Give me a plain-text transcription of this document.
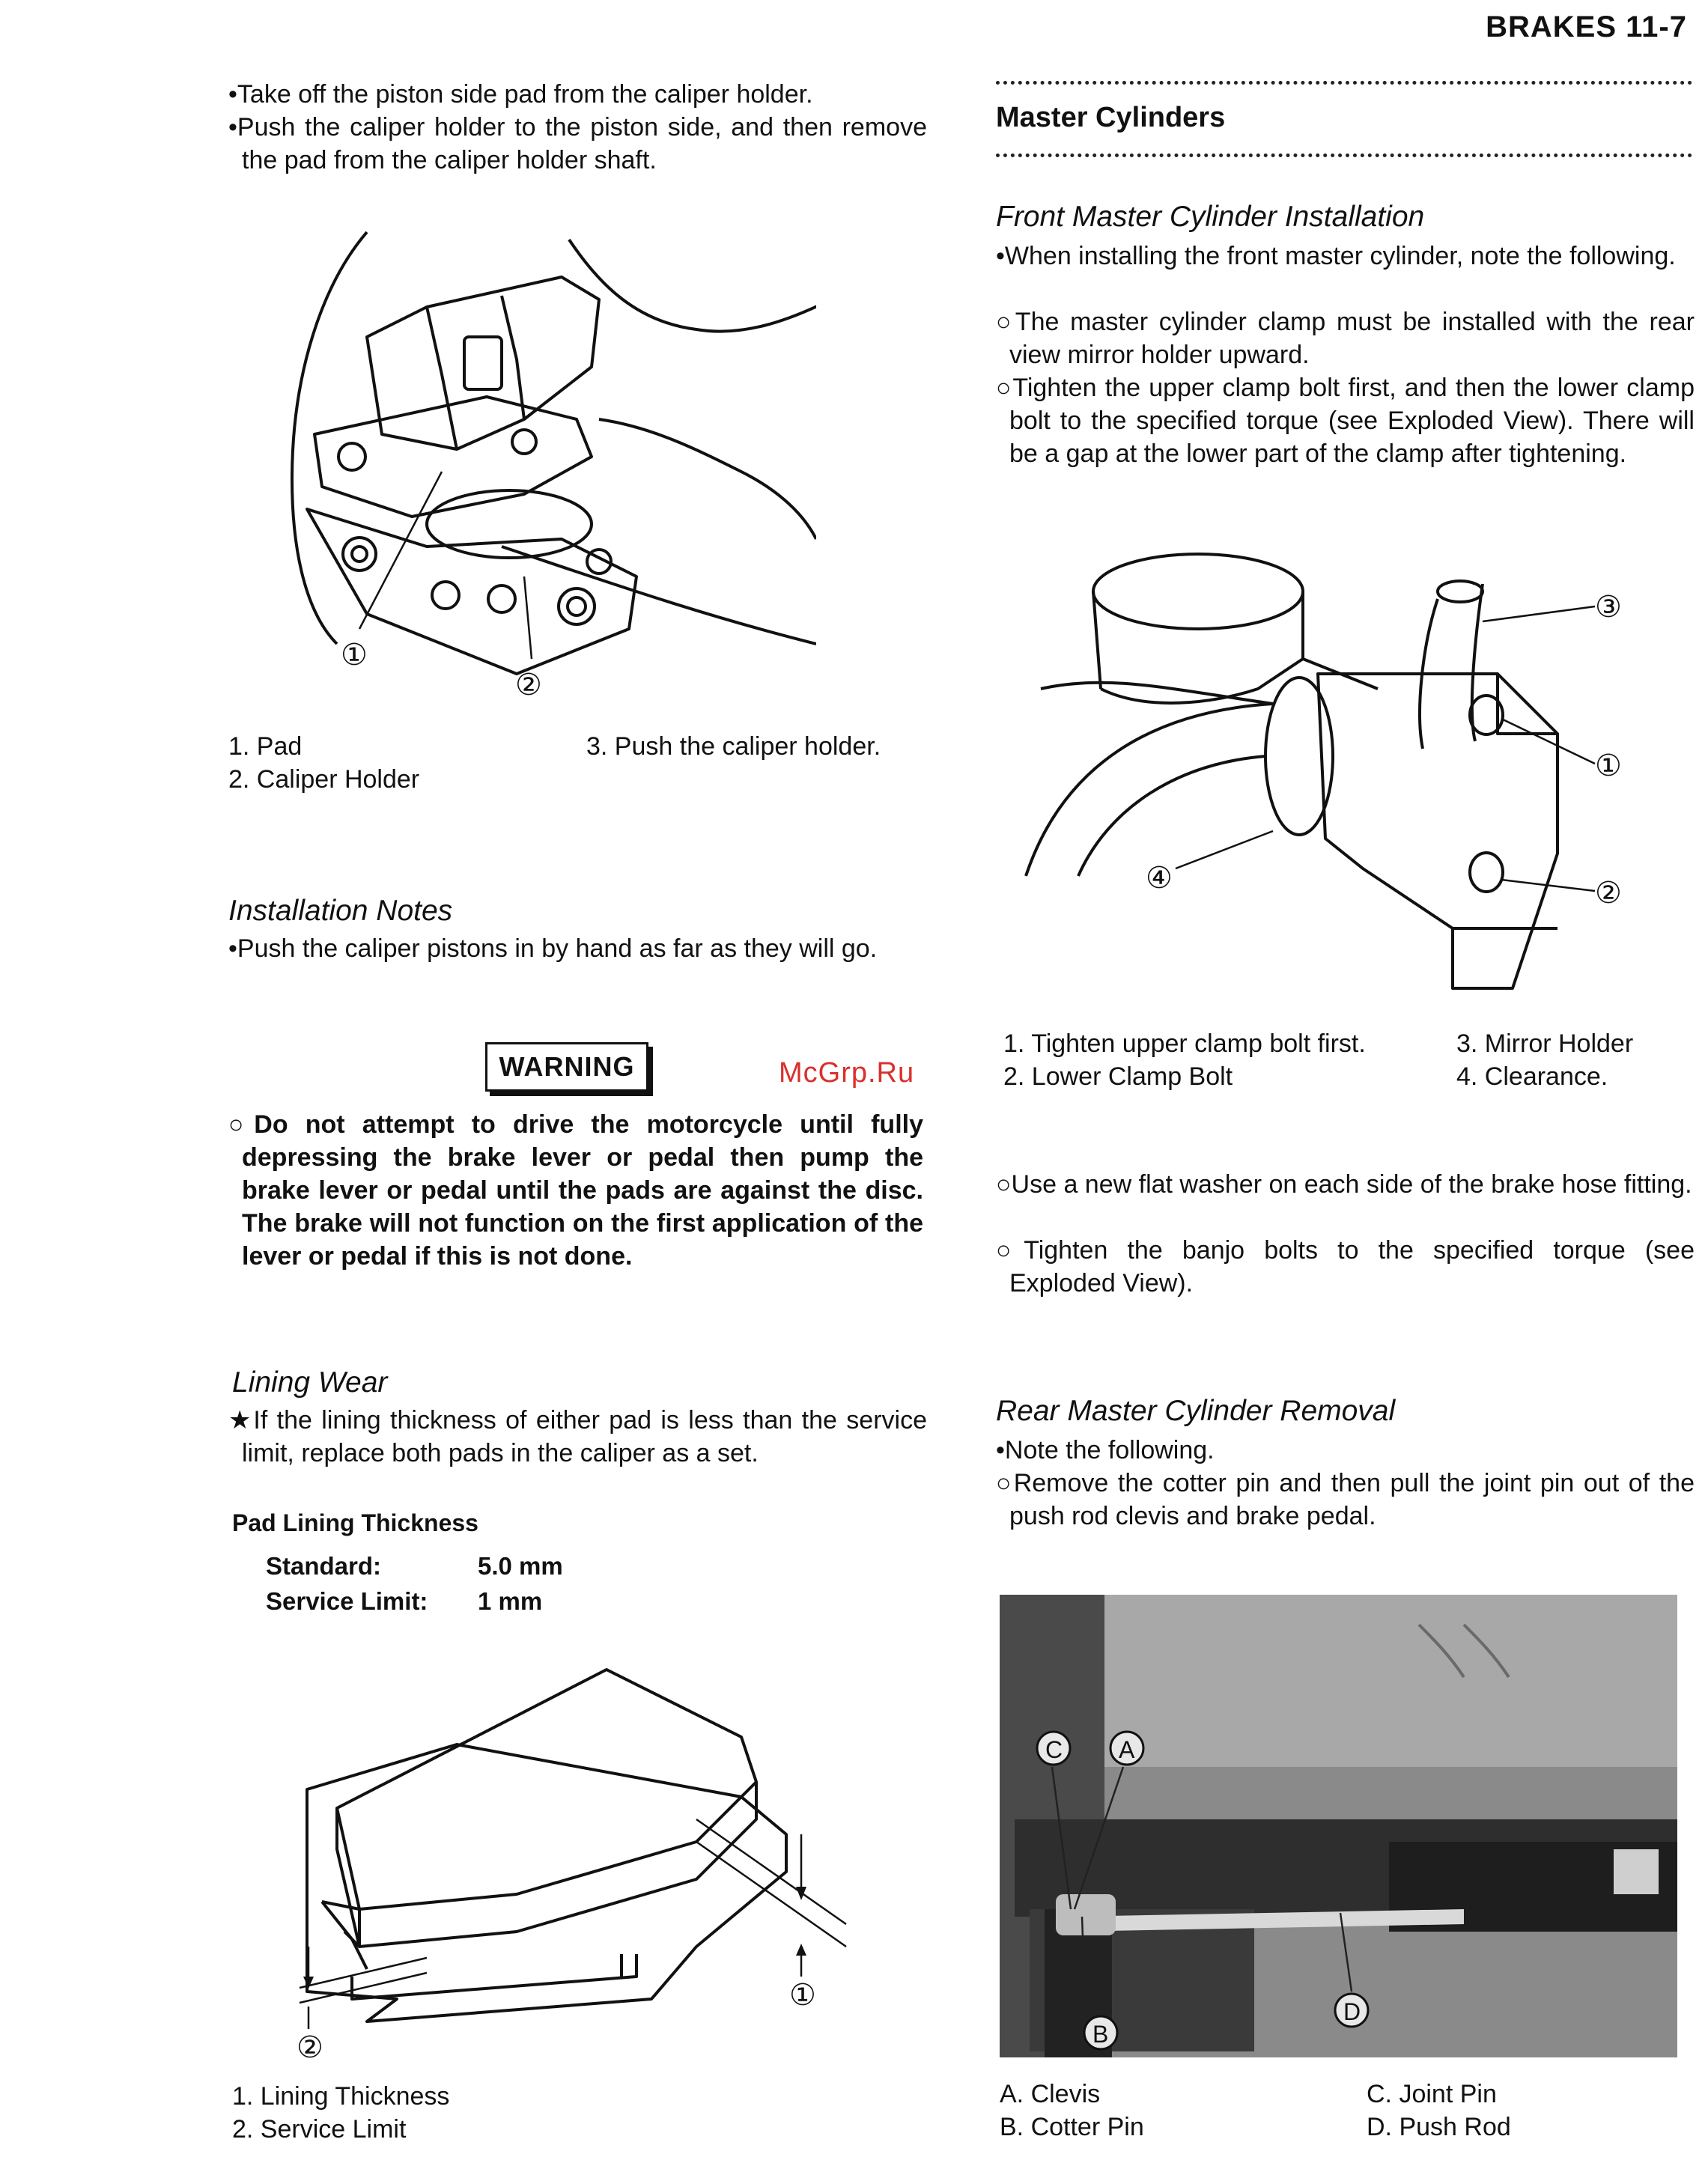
BRAKES 11-7
•Take off the piston side pad from the caliper holder.
•Push the caliper holder to the piston side, and then remove the pad from the caliper holder shaft.
①
②
1. Pad
2. Caliper Holder
3. Push the caliper holder.
Installation Notes
•Push the caliper pistons in by hand as far as they will go.
WARNING	McGrp.Ru
○Do not attempt to drive the motorcycle until fully depressing the brake lever or pedal then pump the brake lever or pedal until the pads are against the disc. The brake will not function on the first application of the lever or pedal if this is not done.
Lining Wear
★If the lining thickness of either pad is less than the service limit, replace both pads in the caliper as a set.
Pad Lining Thickness
Standard:	5.0 mm
Service Limit: 1 mm
①
②
1. Lining Thickness
2. Service Limit
Master Cylinders
Front Master Cylinder Installation
•When installing the front master cylinder, note the following.
○The master cylinder clamp must be installed with the rear view mirror holder upward.
○Tighten the upper clamp bolt first, and then the lower clamp bolt to the specified torque (see Exploded View). There will be a gap at the lower part of the clamp after tightening.
③
①
④	②
1. Tighten upper clamp bolt first.
2. Lower Clamp Bolt
3. Mirror Holder
4. Clearance.
○Use a new flat washer on each side of the brake hose fitting.
○Tighten the banjo bolts to the specified torque (see Exploded View).
Rear Master Cylinder Removal
•Note the following.
○Remove the cotter pin and then pull the joint pin out of the push rod clevis and brake pedal.
C A
B
D
A. Clevis
B. Cotter Pin
C. Joint Pin
D. Push Rod
